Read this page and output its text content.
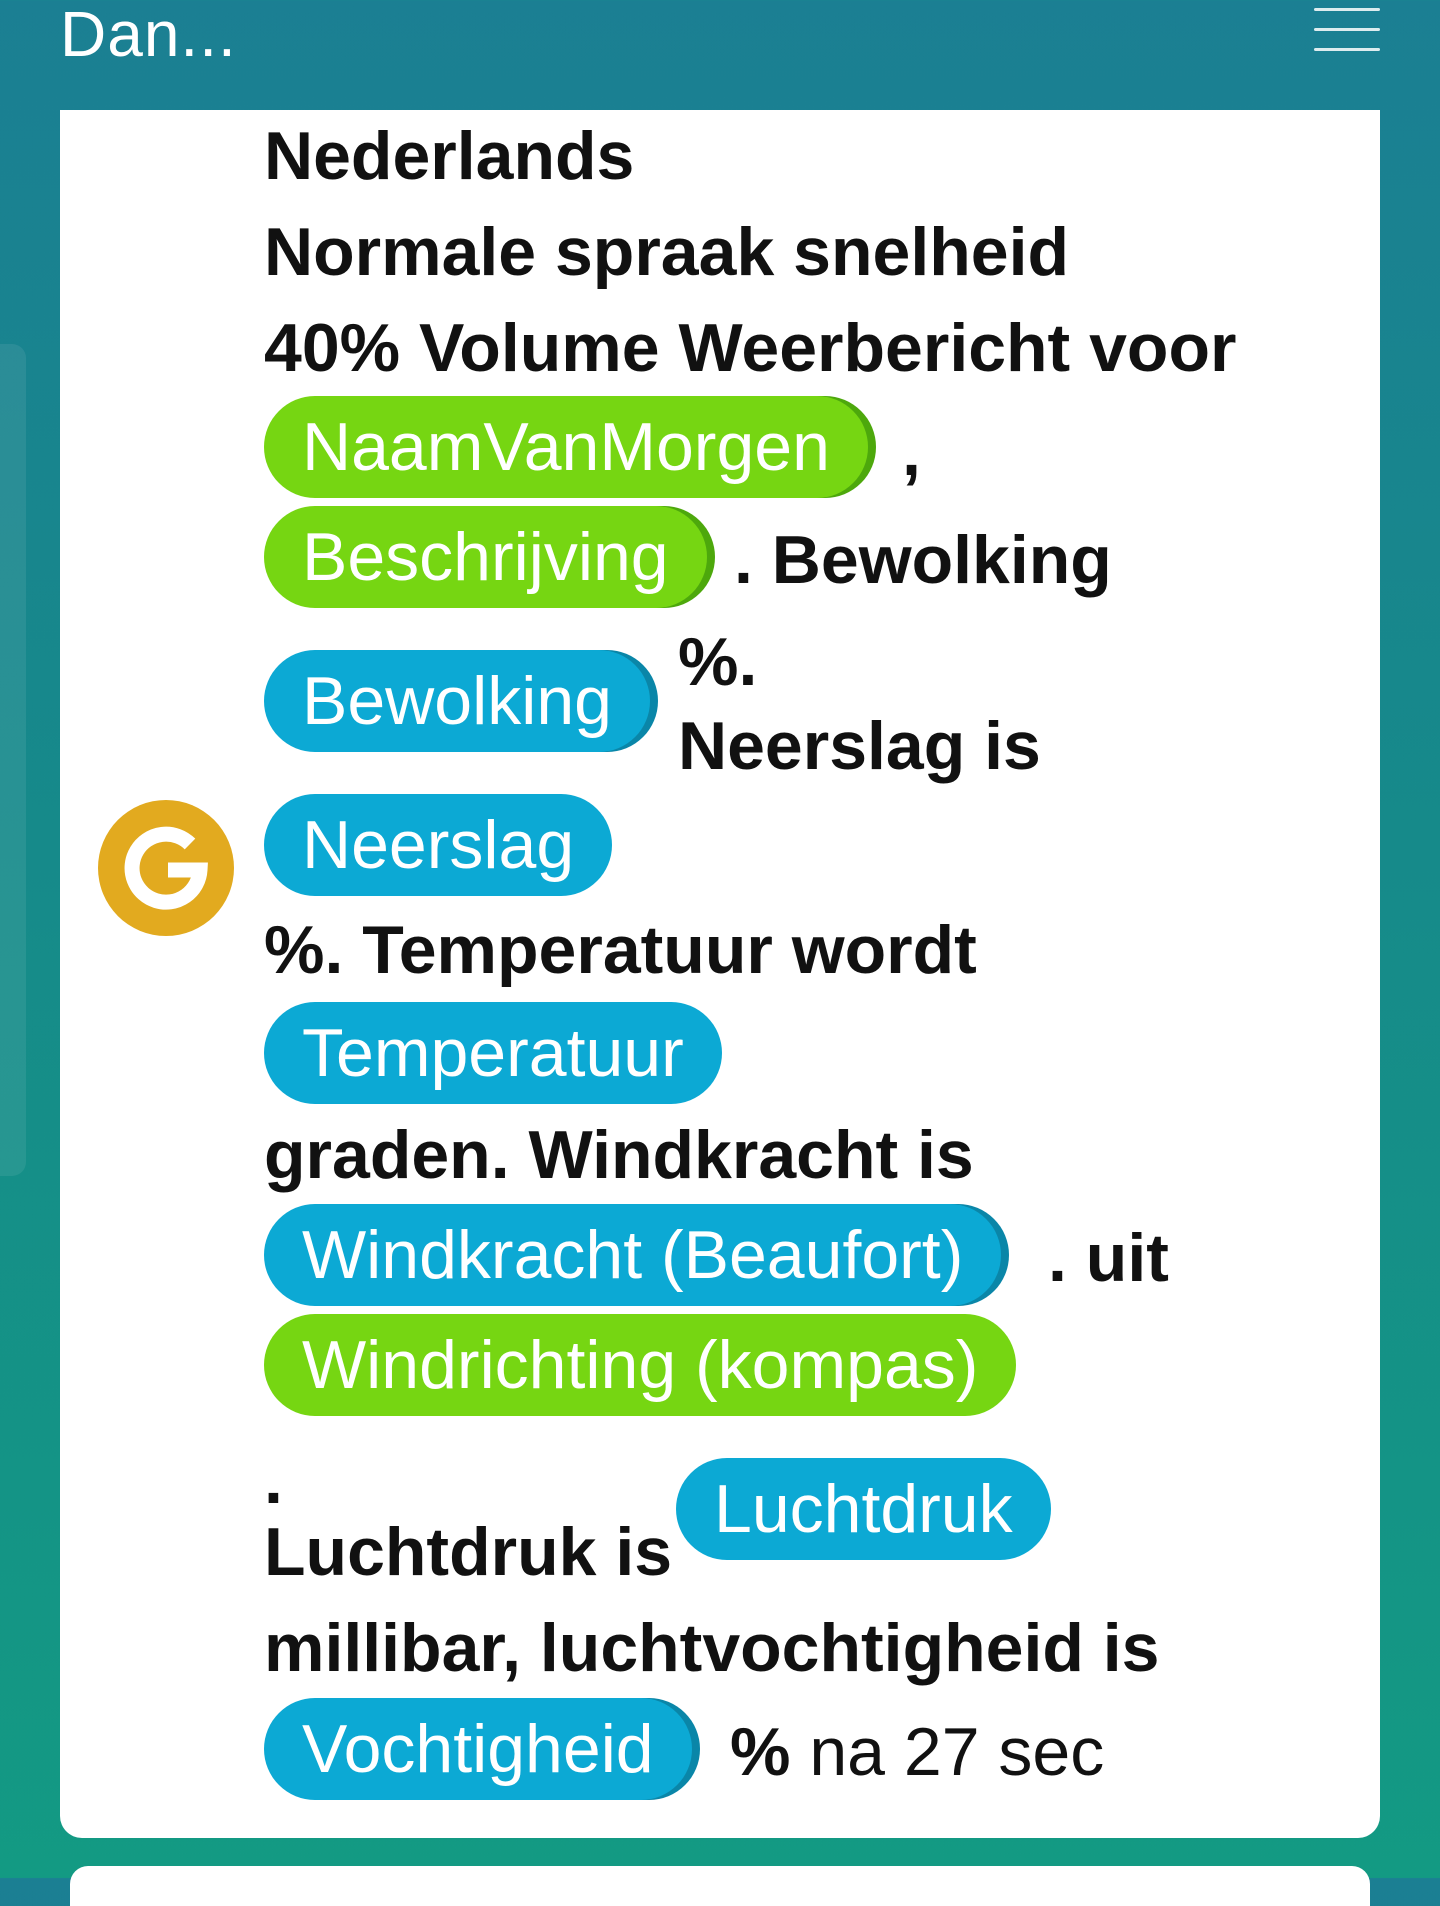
Dan...
Nederlands
Normale spraak snelheid
40% Volume Weerbericht voor
NaamVanMorgen	,
Beschrijving . Bewolking
Bewolking
%.
Neerslag is
Neerslag
%. Temperatuur wordt
Temperatuur
graden. Windkracht is
Windkracht (Beaufort)	. uit
Windrichting (kompas)
.	Luchtdruk
Luchtdruk is
millibar, luchtvochtigheid is
Vochtigheid	% na 27 sec
